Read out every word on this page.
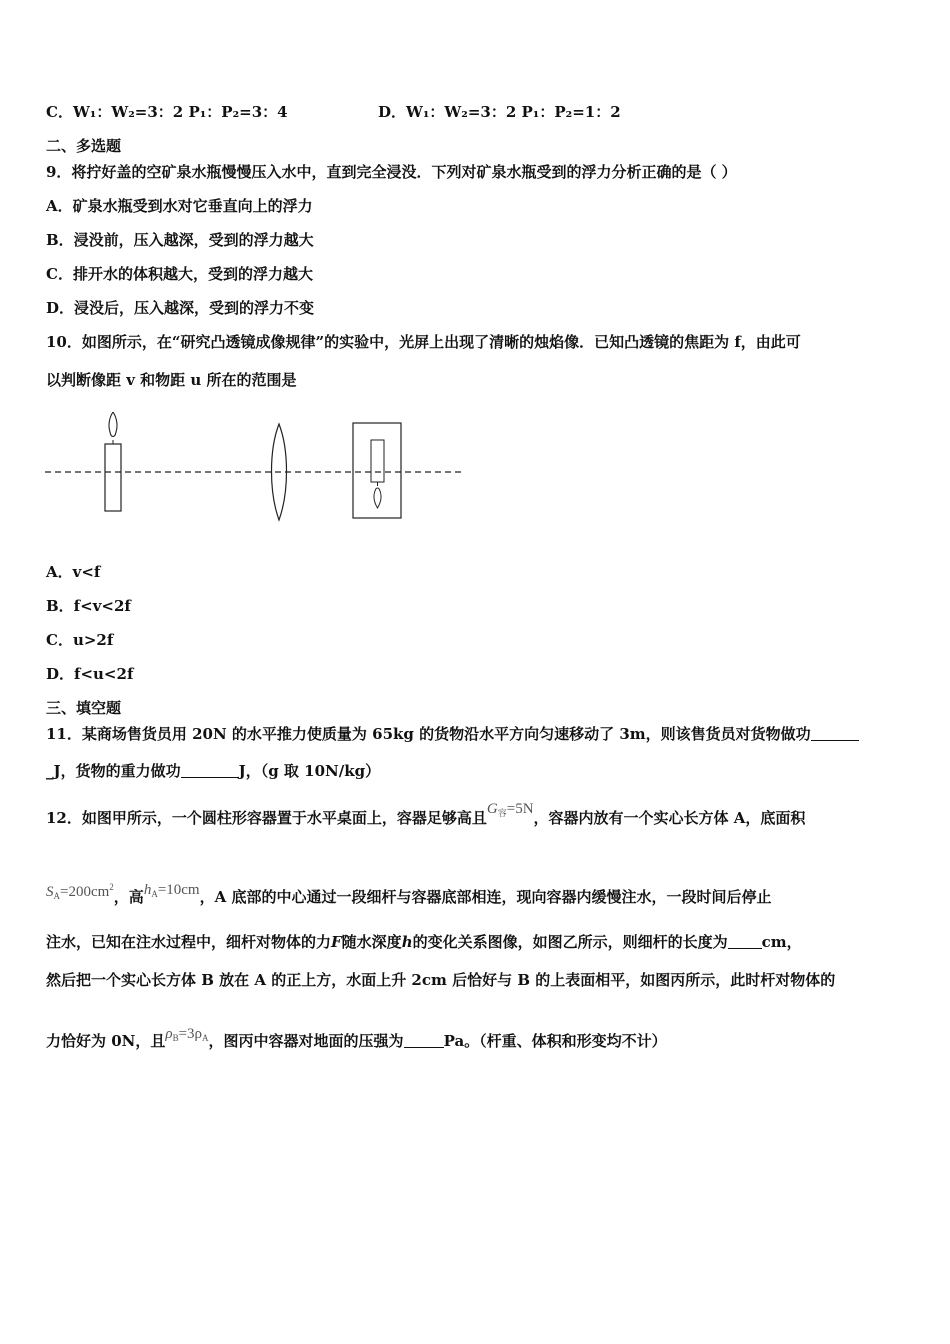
C．W₁：W₂=3：2 P₁：P₂=3：4	D．W₁：W₂=3：2 P₁：P₂=1：2
二、多选题
9．将拧好盖的空矿泉水瓶慢慢压入水中，直到完全浸没．下列对矿泉水瓶受到的浮力分析正确的是（ ）
A．矿泉水瓶受到水对它垂直向上的浮力
B．浸没前，压入越深，受到的浮力越大
C．排开水的体积越大，受到的浮力越大
D．浸没后，压入越深，受到的浮力不变
10．如图所示，在“研究凸透镜成像规律”的实验中，光屏上出现了清晰的烛焰像．已知凸透镜的焦距为 f，由此可
以判断像距 v 和物距 u 所在的范围是
A．v<f
B．f<v<2f
C．u>2f
D．f<u<2f
三、填空题
11．某商场售货员用 20N 的水平推力使质量为 65kg 的货物沿水平方向匀速移动了 3m，则该售货员对货物做功
_J，货物的重力做功	J，（g 取 10N/kg）
12．如图甲所示，一个圆柱形容器置于水平桌面上，容器足够高且$G_容=5N$，容器内放有一个实心长方体 A，底面积
$S_A=200cm^2$，高$h_A=10cm$，A 底部的中心通过一段细杆与容器底部相连，现向容器内缓慢注水，一段时间后停止
注水，已知在注水过程中，细杆对物体的力F随水深度h的变化关系图像，如图乙所示，则细杆的长度为 cm，
然后把一个实心长方体 B 放在 A 的正上方，水面上升 2cm 后恰好与 B 的上表面相平，如图丙所示，此时杆对物体的
力恰好为 0N，且$\rho_B=3\rho_A$，图丙中容器对地面的压强为	Pa。（杆重、体积和形变均不计）
